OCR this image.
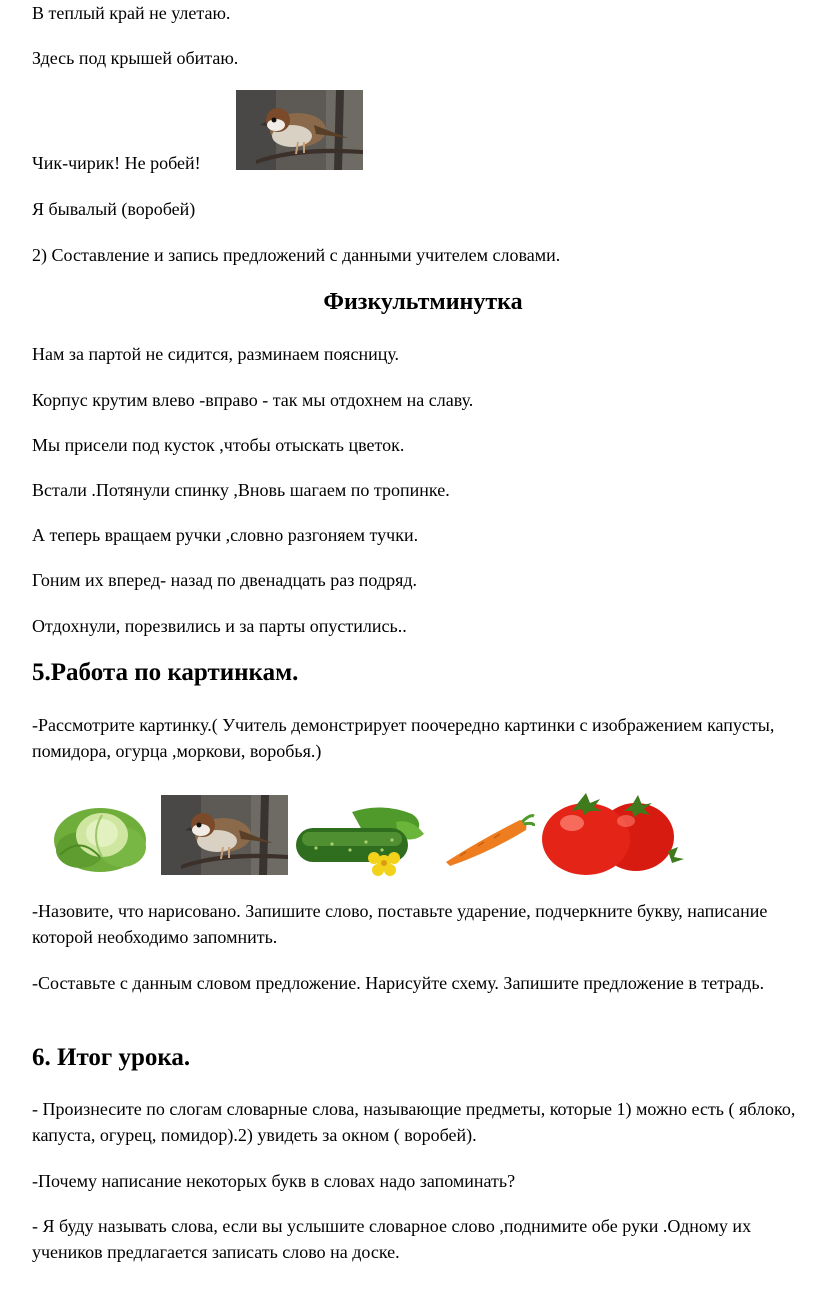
В теплый край не улетаю.

Здесь под крышей обитаю.

Чик-чирик! Не робей!

Я бывалый (воробей)

2) Составление и запись предложений с данными учителем словами.

Физкультминутка

Нам за партой не сидится, разминаем поясницу.

Корпус крутим влево -вправо - так мы отдохнем на славу.

Мы присели под кусток ,чтобы отыскать цветок.

Встали .Потянули спинку ,Вновь шагаем по тропинке.

А теперь вращаем ручки ,словно разгоняем тучки.

Гоним их вперед- назад по двенадцать раз подряд.

Отдохнули, порезвились и за парты опустились..

5.Работа по картинкам.

-Рассмотрите картинку.( Учитель демонстрирует поочередно картинки с изображением капусты, помидора, огурца ,моркови, воробья.)

-Назовите, что нарисовано. Запишите слово, поставьте ударение, подчеркните букву, написание которой необходимо запомнить.

-Составьте с данным словом предложение. Нарисуйте схему. Запишите предложение в тетрадь.

6. Итог урока.

- Произнесите по слогам словарные слова, называющие предметы, которые 1) можно есть ( яблоко, капуста, огурец, помидор).2) увидеть за окном ( воробей).

-Почему написание некоторых букв в словах надо запоминать?

- Я буду называть слова, если вы услышите словарное слово ,поднимите обе руки .Одному их учеников предлагается записать слово на доске.
